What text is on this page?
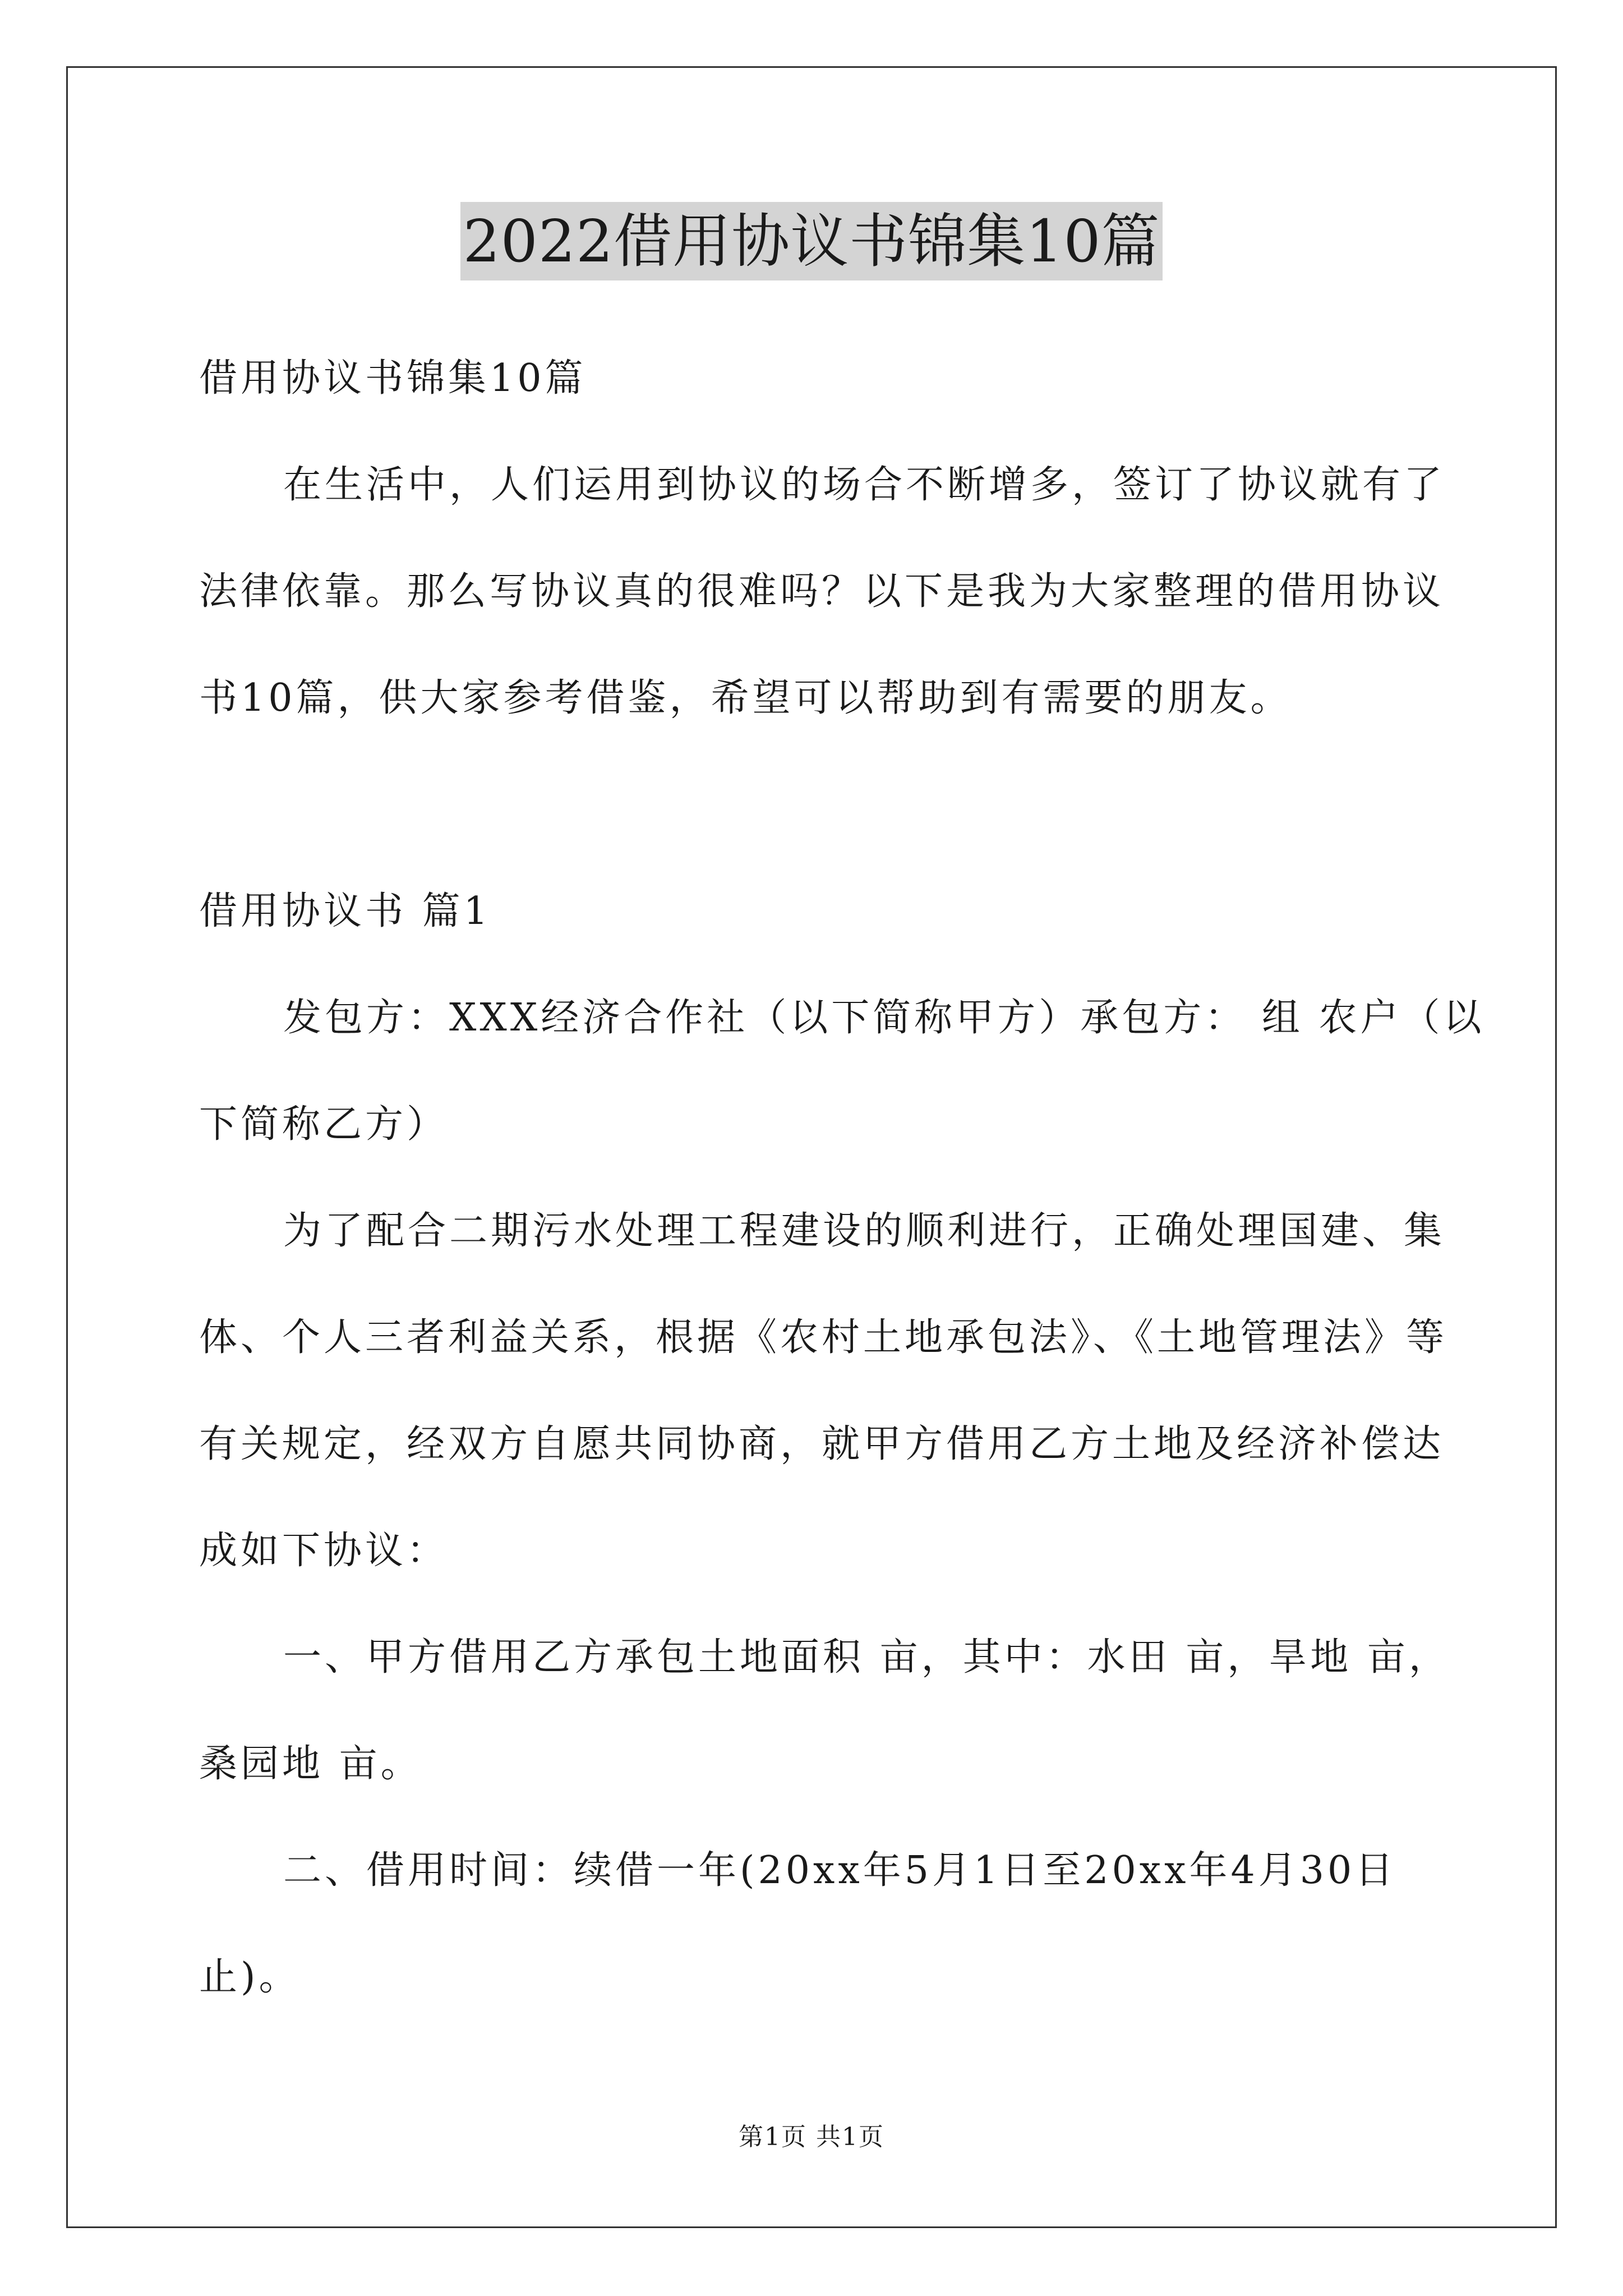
2022借用协议书锦集10篇
借用协议书锦集10篇
在生活中，人们运用到协议的场合不断增多，签订了协议就有了
法律依靠。那么写协议真的很难吗？以下是我为大家整理的借用协议
书10篇，供大家参考借鉴，希望可以帮助到有需要的朋友。
借用协议书 篇1
发包方：XXX经济合作社（以下简称甲方）承包方： 组 农户（以
下简称乙方）
为了配合二期污水处理工程建设的顺利进行，正确处理国建、集
体、个人三者利益关系，根据《农村土地承包法》、《土地管理法》等
有关规定，经双方自愿共同协商，就甲方借用乙方土地及经济补偿达
成如下协议：
一、甲方借用乙方承包土地面积 亩，其中：水田 亩，旱地 亩，
桑园地 亩。
二、借用时间：续借一年(20xx年5月1日至20xx年4月30日
止)。
第1页 共1页
